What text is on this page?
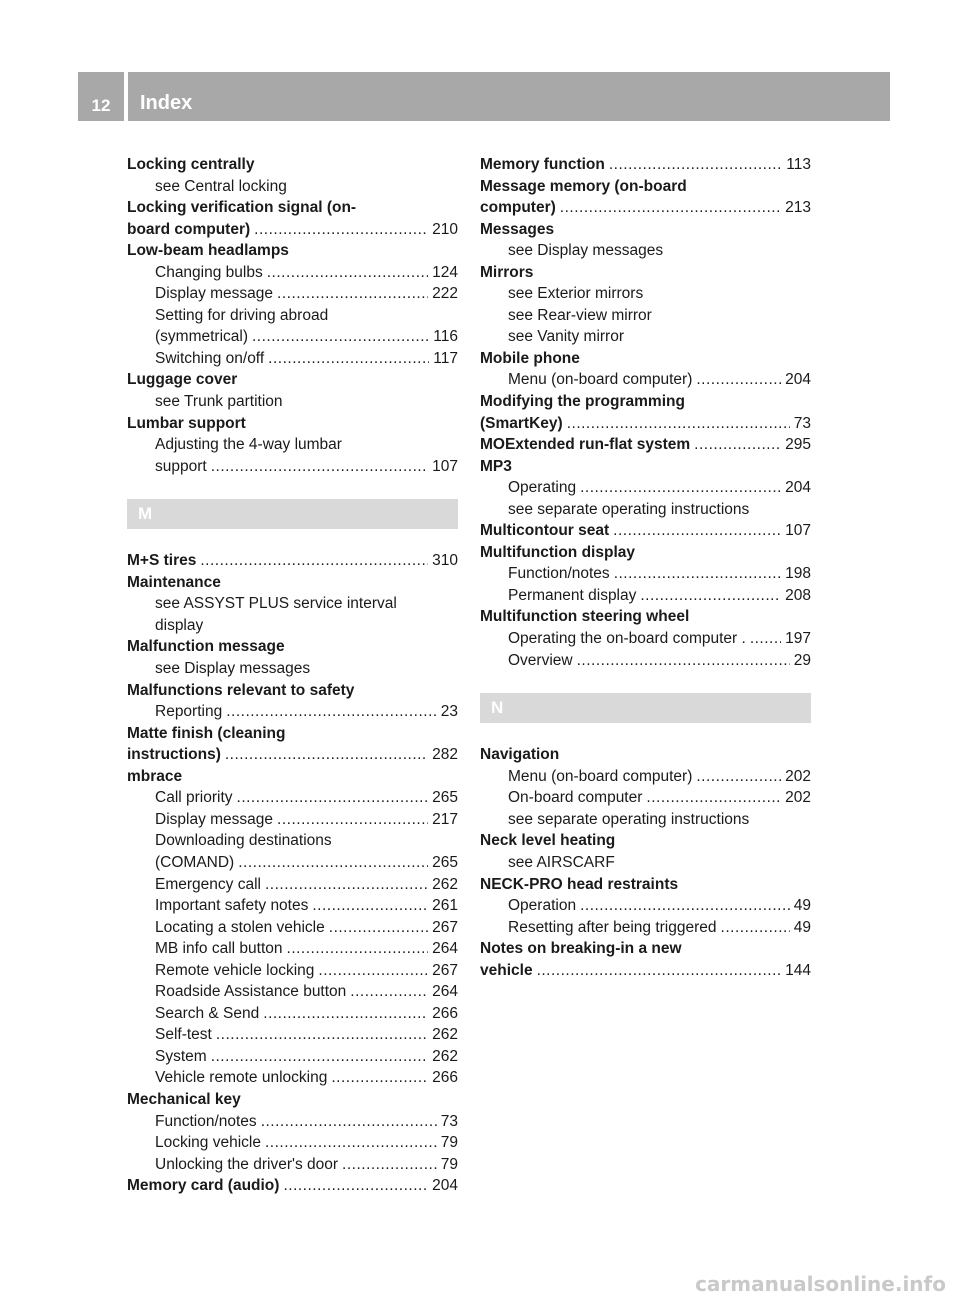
12	Index
Locking centrally
see Central locking
Locking verification signal (on-
board computer) .....	210
Low-beam headlamps
Changing bulbs .....	124
Display message .....	222
Setting for driving abroad
(symmetrical) .....	116
Switching on/off .....	117
Luggage cover
see Trunk partition
Lumbar support
Adjusting the 4-way lumbar
support .....	107
M
M+S tires .....	310
Maintenance
see ASSYST PLUS service interval
display
Malfunction message
see Display messages
Malfunctions relevant to safety
Reporting .....	23
Matte finish (cleaning
instructions) .....	282
mbrace
Call priority .....	265
Display message .....	217
Downloading destinations
(COMAND) .....	265
Emergency call .....	262
Important safety notes .....	261
Locating a stolen vehicle .....	267
MB info call button .....	264
Remote vehicle locking .....	267
Roadside Assistance button .....	264
Search & Send .....	266
Self-test .....	262
System .....	262
Vehicle remote unlocking .....	266
Mechanical key
Function/notes .....	73
Locking vehicle .....	79
Unlocking the driver's door .....	79
Memory card (audio) .....	204
Memory function .....	113
Message memory (on-board
computer) .....	213
Messages
see Display messages
Mirrors
see Exterior mirrors
see Rear-view mirror
see Vanity mirror
Mobile phone
Menu (on-board computer) .....	204
Modifying the programming
(SmartKey) .....	73
MOExtended run-flat system .....	295
MP3
Operating .....	204
see separate operating instructions
Multicontour seat .....	107
Multifunction display
Function/notes .....	198
Permanent display .....	208
Multifunction steering wheel
Operating the on-board computer . .....	197
Overview .....	29
N
Navigation
Menu (on-board computer) .....	202
On-board computer .....	202
see separate operating instructions
Neck level heating
see AIRSCARF
NECK-PRO head restraints
Operation .....	49
Resetting after being triggered .....	49
Notes on breaking-in a new
vehicle .....	144
carmanualsonline.info
